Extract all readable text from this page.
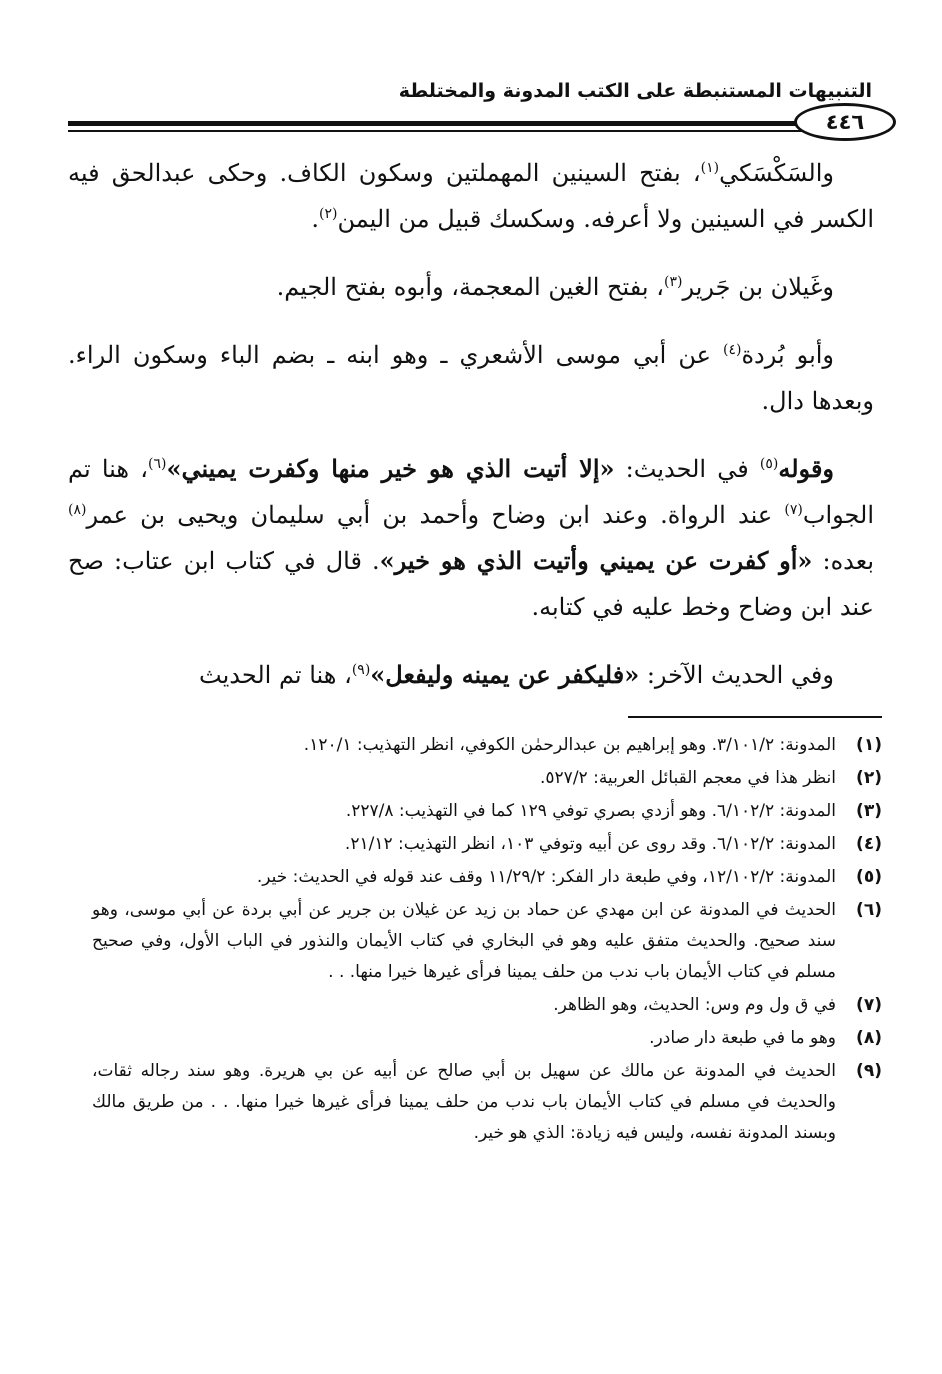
التنبيهات المستنبطة على الكتب المدونة والمختلطة
٤٤٦

والسَكْسَكي$^{(١)}$، بفتح السينين المهملتين وسكون الكاف. وحكى عبدالحق فيه الكسر في السينين ولا أعرفه. وسكسك قبيل من اليمن$^{(٢)}$.

وغَيلان بن جَرير$^{(٣)}$، بفتح الغين المعجمة، وأبوه بفتح الجيم.

وأبو بُردة$^{(٤)}$ عن أبي موسى الأشعري ـ وهو ابنه ـ بضم الباء وسكون الراء. وبعدها دال.

وقوله$^{(٥)}$ في الحديث: «إلا أتيت الذي هو خير منها وكفرت يميني»$^{(٦)}$، هنا تم الجواب$^{(٧)}$ عند الرواة. وعند ابن وضاح وأحمد بن أبي سليمان ويحيى بن عمر$^{(٨)}$ بعده: «أو كفرت عن يميني وأتيت الذي هو خير». قال في كتاب ابن عتاب: صح عند ابن وضاح وخط عليه في كتابه.

وفي الحديث الآخر: «فليكفر عن يمينه وليفعل»$^{(٩)}$، هنا تم الحديث

(١)
المدونة: ٣/١٠١/٢. وهو إبراهيم بن عبدالرحمٰن الكوفي، انظر التهذيب: ١٢٠/١.
(٢)
انظر هذا في معجم القبائل العربية: ٥٢٧/٢.
(٣)
المدونة: ٦/١٠٢/٢. وهو أزدي بصري توفي ١٢٩ كما في التهذيب: ٢٢٧/٨.
(٤)
المدونة: ٦/١٠٢/٢. وقد روى عن أبيه وتوفي ١٠٣، انظر التهذيب: ٢١/١٢.
(٥)
المدونة: ١٢/١٠٢/٢، وفي طبعة دار الفكر: ١١/٢٩/٢ وقف عند قوله في الحديث: خير.
(٦)
الحديث في المدونة عن ابن مهدي عن حماد بن زيد عن غيلان بن جرير عن أبي بردة عن أبي موسى، وهو سند صحيح. والحديث متفق عليه وهو في البخاري في كتاب الأيمان والنذور في الباب الأول، وفي صحيح مسلم في كتاب الأيمان باب ندب من حلف يمينا فرأى غيرها خيرا منها. . .
(٧)
في ق ول وم وس: الحديث، وهو الظاهر.
(٨)
وهو ما في طبعة دار صادر.
(٩)
الحديث في المدونة عن مالك عن سهيل بن أبي صالح عن أبيه عن بي هريرة. وهو سند رجاله ثقات، والحديث في مسلم في كتاب الأيمان باب ندب من حلف يمينا فرأى غيرها خيرا منها. . . من طريق مالك وبسند المدونة نفسه، وليس فيه زيادة: الذي هو خير.
